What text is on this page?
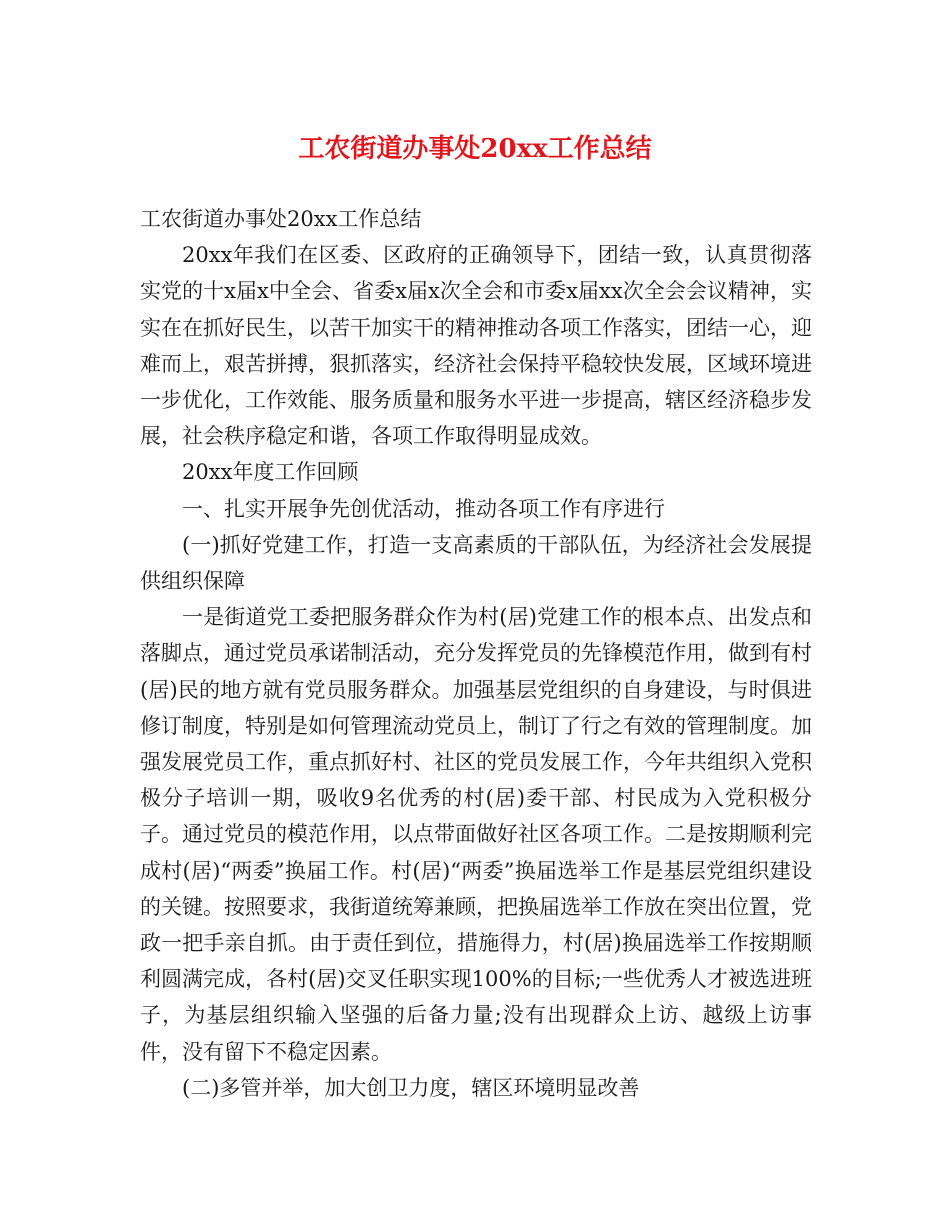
工农街道办事处20xx工作总结

工农街道办事处20xx工作总结

20xx年我们在区委、区政府的正确领导下，团结一致，认真贯彻落实党的十x届x中全会、省委x届x次全会和市委x届xx次全会会议精神，实实在在抓好民生，以苦干加实干的精神推动各项工作落实，团结一心，迎难而上，艰苦拼搏，狠抓落实，经济社会保持平稳较快发展，区域环境进一步优化，工作效能、服务质量和服务水平进一步提高，辖区经济稳步发展，社会秩序稳定和谐，各项工作取得明显成效。

20xx年度工作回顾

一、扎实开展争先创优活动，推动各项工作有序进行

(一)抓好党建工作，打造一支高素质的干部队伍，为经济社会发展提供组织保障

一是街道党工委把服务群众作为村(居)党建工作的根本点、出发点和落脚点，通过党员承诺制活动，充分发挥党员的先锋模范作用，做到有村(居)民的地方就有党员服务群众。加强基层党组织的自身建设，与时俱进修订制度，特别是如何管理流动党员上，制订了行之有效的管理制度。加强发展党员工作，重点抓好村、社区的党员发展工作，今年共组织入党积极分子培训一期，吸收9名优秀的村(居)委干部、村民成为入党积极分子。通过党员的模范作用，以点带面做好社区各项工作。二是按期顺利完成村(居)“两委”换届工作。村(居)“两委”换届选举工作是基层党组织建设的关键。按照要求，我街道统筹兼顾，把换届选举工作放在突出位置，党政一把手亲自抓。由于责任到位，措施得力，村(居)换届选举工作按期顺利圆满完成，各村(居)交叉任职实现100%的目标;一些优秀人才被选进班子，为基层组织输入坚强的后备力量;没有出现群众上访、越级上访事件，没有留下不稳定因素。

(二)多管并举，加大创卫力度，辖区环境明显改善
